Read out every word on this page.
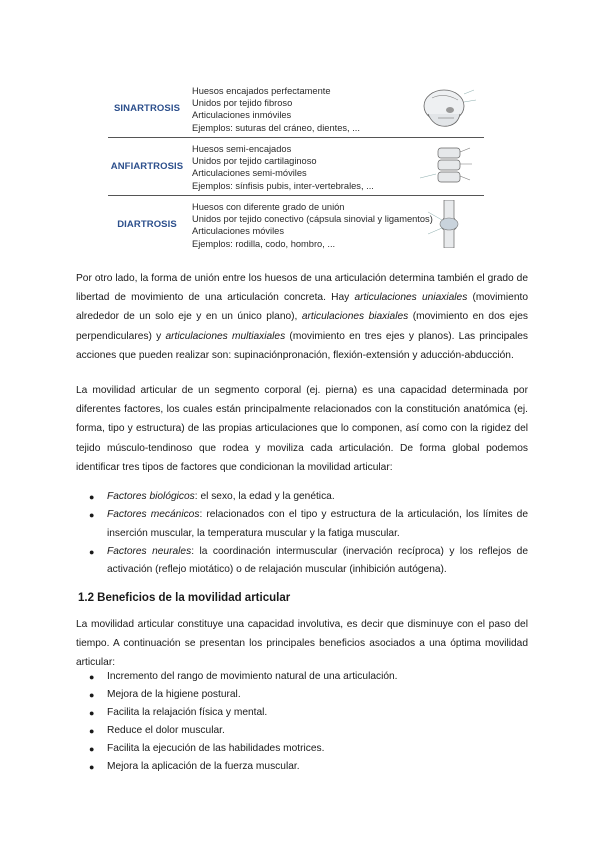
SINARTROSIS
Huesos encajados perfectamente
Unidos por tejido fibroso
Articulaciones inmóviles
Ejemplos: suturas del cráneo, dientes, ...
ANFIARTROSIS
Huesos semi-encajados
Unidos por tejido cartilaginoso
Articulaciones semi-móviles
Ejemplos: sínfisis pubis, inter-vertebrales, ...
DIARTROSIS
Huesos con diferente grado de unión
Unidos por tejido conectivo (cápsula sinovial y ligamentos)
Articulaciones móviles
Ejemplos: rodilla, codo, hombro, ...

Por otro lado, la forma de unión entre los huesos de una articulación determina también el grado de libertad de movimiento de una articulación concreta. Hay articulaciones uniaxiales (movimiento alrededor de un solo eje y en un único plano), articulaciones biaxiales (movimiento en dos ejes perpendiculares) y articulaciones multiaxiales (movimiento en tres ejes y planos). Las principales acciones que pueden realizar son: supinaciónpronación, flexión-extensión y aducción-abducción.

La movilidad articular de un segmento corporal (ej. pierna) es una capacidad determinada por diferentes factores, los cuales están principalmente relacionados con la constitución anatómica (ej. forma, tipo y estructura) de las propias articulaciones que lo componen, así como con la rigidez del tejido músculo-tendinoso que rodea y moviliza cada articulación. De forma global podemos identificar tres tipos de factores que condicionan la movilidad articular:

● Factores biológicos: el sexo, la edad y la genética.
● Factores mecánicos: relacionados con el tipo y estructura de la articulación, los límites de inserción muscular, la temperatura muscular y la fatiga muscular.
● Factores neurales: la coordinación intermuscular (inervación recíproca) y los reflejos de activación (reflejo miotático) o de relajación muscular (inhibición autógena).
1.2 Beneficios de la movilidad articular

La movilidad articular constituye una capacidad involutiva, es decir que disminuye con el paso del tiempo. A continuación se presentan los principales beneficios asociados a una óptima movilidad articular:

● Incremento del rango de movimiento natural de una articulación.
● Mejora de la higiene postural.
● Facilita la relajación física y mental.
● Reduce el dolor muscular.
● Facilita la ejecución de las habilidades motrices.
● Mejora la aplicación de la fuerza muscular.
